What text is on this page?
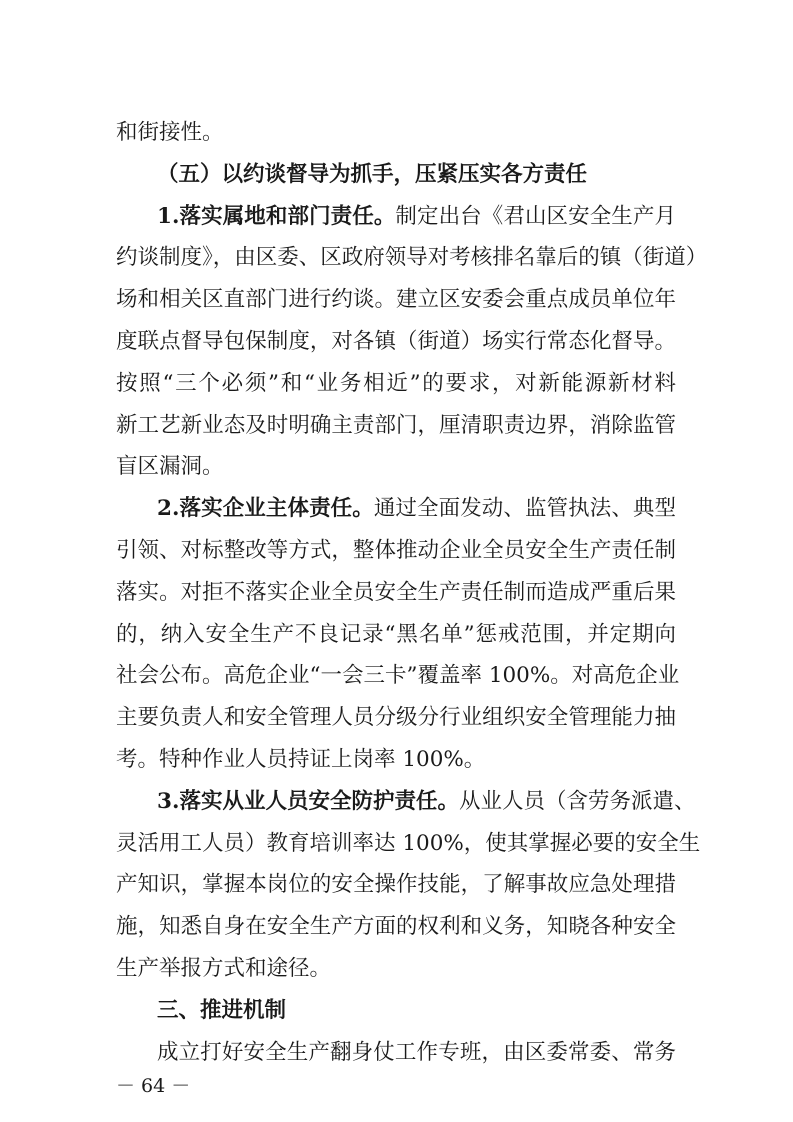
和街接性。
（五）以约谈督导为抓手，压紧压实各方责任
1.落实属地和部门责任。制定出台《君山区安全生产月
约谈制度》，由区委、区政府领导对考核排名靠后的镇（街道）
场和相关区直部门进行约谈。建立区安委会重点成员单位年
度联点督导包保制度，对各镇（街道）场实行常态化督导。
按照“三个必须”和“业务相近”的要求，对新能源新材料
新工艺新业态及时明确主责部门，厘清职责边界，消除监管
盲区漏洞。
2.落实企业主体责任。通过全面发动、监管执法、典型
引领、对标整改等方式，整体推动企业全员安全生产责任制
落实。对拒不落实企业全员安全生产责任制而造成严重后果
的，纳入安全生产不良记录“黑名单”惩戒范围，并定期向
社会公布。高危企业“一会三卡”覆盖率 100%。对高危企业
主要负责人和安全管理人员分级分行业组织安全管理能力抽
考。特种作业人员持证上岗率 100%。
3.落实从业人员安全防护责任。从业人员（含劳务派遣、
灵活用工人员）教育培训率达 100%，使其掌握必要的安全生
产知识，掌握本岗位的安全操作技能，了解事故应急处理措
施，知悉自身在安全生产方面的权利和义务，知晓各种安全
生产举报方式和途径。
三、推进机制
成立打好安全生产翻身仗工作专班，由区委常委、常务
－ 64 －
